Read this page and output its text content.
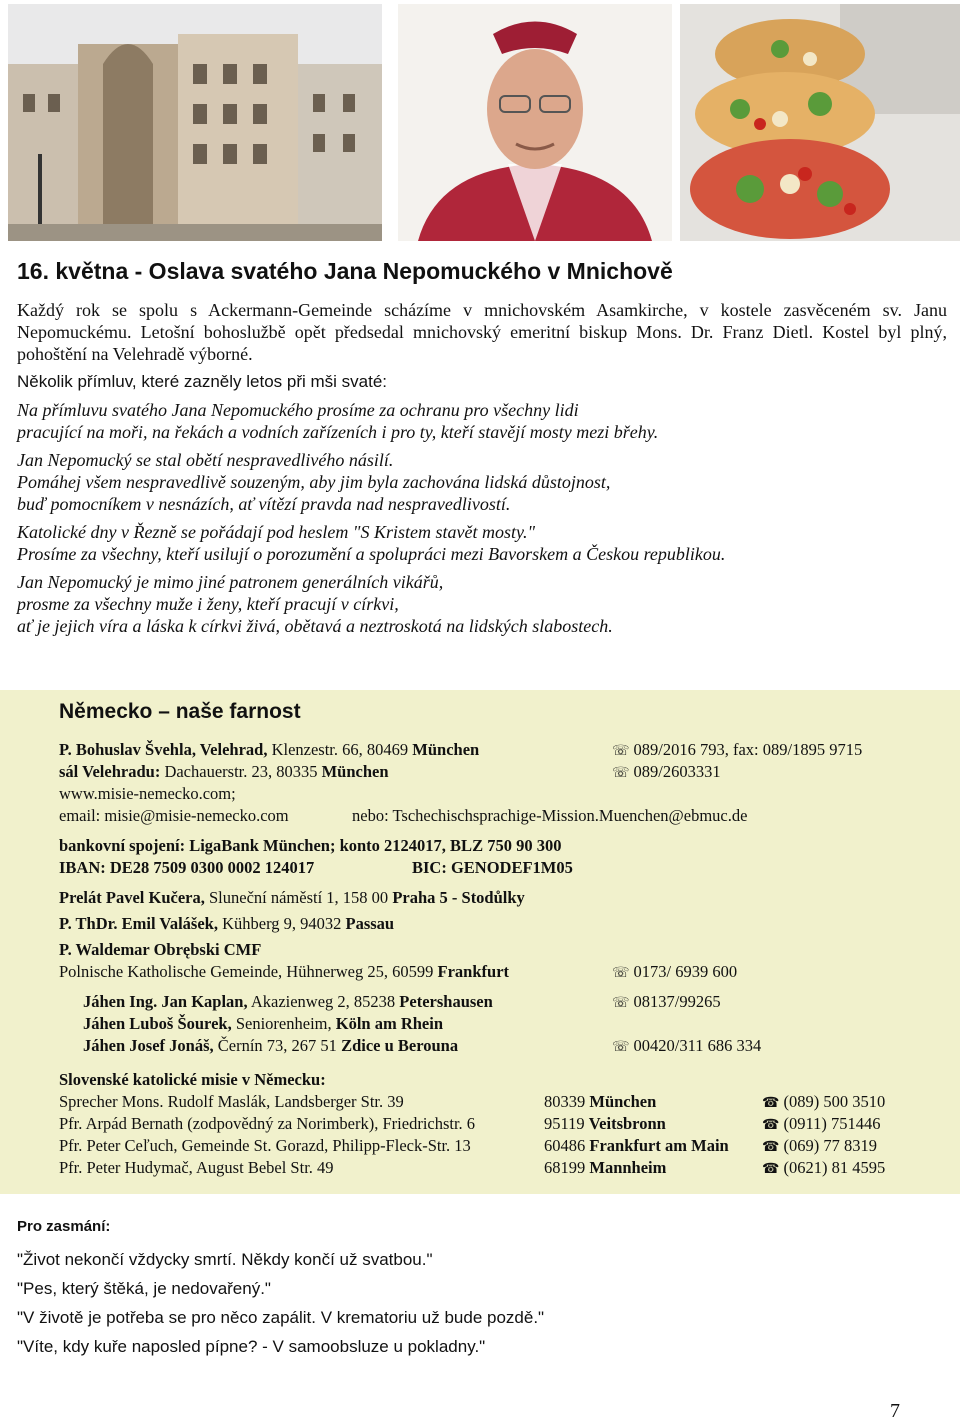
16. května - Oslava svatého Jana Nepomuckého v Mnichově

Každý rok se spolu s Ackermann-Gemeinde scházíme v mnichovském Asamkirche, v kostele zasvěceném sv. Janu Nepomuckému. Letošní bohoslužbě opět předsedal mnichovský emeritní biskup Mons. Dr. Franz Dietl. Kostel byl plný, pohoštění na Velehradě výborné.

Několik přímluv, které zazněly letos při mši svaté:

Na přímluvu svatého Jana Nepomuckého prosíme za ochranu pro všechny lidi

pracující na moři, na řekách a vodních zařízeních i pro ty, kteří stavějí mosty mezi břehy.

Jan Nepomucký se stal obětí nespravedlivého násilí.

Pomáhej všem nespravedlivě souzeným, aby jim byla zachována lidská důstojnost,

buď pomocníkem v nesnázích, ať vítězí pravda nad nespravedlivostí.

Katolické dny v Řezně se pořádají pod heslem "S Kristem stavět mosty."

Prosíme za všechny, kteří usilují o porozumění a spolupráci mezi Bavorskem a Českou republikou.

Jan Nepomucký je mimo jiné patronem generálních vikářů,

prosme za všechny muže i ženy, kteří pracují v církvi,

ať je jejich víra a láska k církvi živá, obětavá a neztroskotá na lidských slabostech.

Německo – naše farnost
P. Bohuslav Švehla, Velehrad, Klenzestr. 66, 80469 München	☏ 089/2016 793, fax: 089/1895 9715
sál Velehradu: Dachauerstr. 23, 80335 München	☏ 089/2603331
www.misie-nemecko.com;
email: misie@misie-nemecko.com	nebo: Tschechischsprachige-Mission.Muenchen@ebmuc.de
bankovní spojení: LigaBank München; konto 2124017, BLZ 750 90 300
IBAN: DE28 7509 0300 0002 124017	BIC: GENODEF1M05
Prelát Pavel Kučera, Sluneční náměstí 1, 158 00 Praha 5 - Stodůlky
P. ThDr. Emil Valášek, Kühberg 9, 94032 Passau
P. Waldemar Obrębski CMF
Polnische Katholische Gemeinde, Hühnerweg 25, 60599 Frankfurt	☏ 0173/ 6939 600
Jáhen Ing. Jan Kaplan, Akazienweg 2, 85238 Petershausen	☏ 08137/99265
Jáhen Luboš Šourek, Seniorenheim, Köln am Rhein
Jáhen Josef Jonáš, Černín 73, 267 51 Zdice u Berouna	☏ 00420/311 686 334
Slovenské katolické misie v Německu:
Sprecher Mons. Rudolf Maslák, Landsberger Str. 39	80339 München	☎ (089) 500 3510
Pfr. Arpád Bernath (zodpovědný za Norimberk), Friedrichstr. 6	95119 Veitsbronn	☎ (0911) 751446
Pfr. Peter Ceľuch, Gemeinde St. Gorazd, Philipp-Fleck-Str. 13	60486 Frankfurt am Main	☎ (069) 77 8319
Pfr. Peter Hudymač, August Bebel Str. 49	68199 Mannheim	☎ (0621) 81 4595
Pro zasmání:

"Život nekončí vždycky smrtí. Někdy končí už svatbou."

"Pes, který štěká, je nedovařený."

"V životě je potřeba se pro něco zapálit. V krematoriu už bude pozdě."

"Víte, kdy kuře naposled pípne? - V samoobsluze u pokladny."

7
